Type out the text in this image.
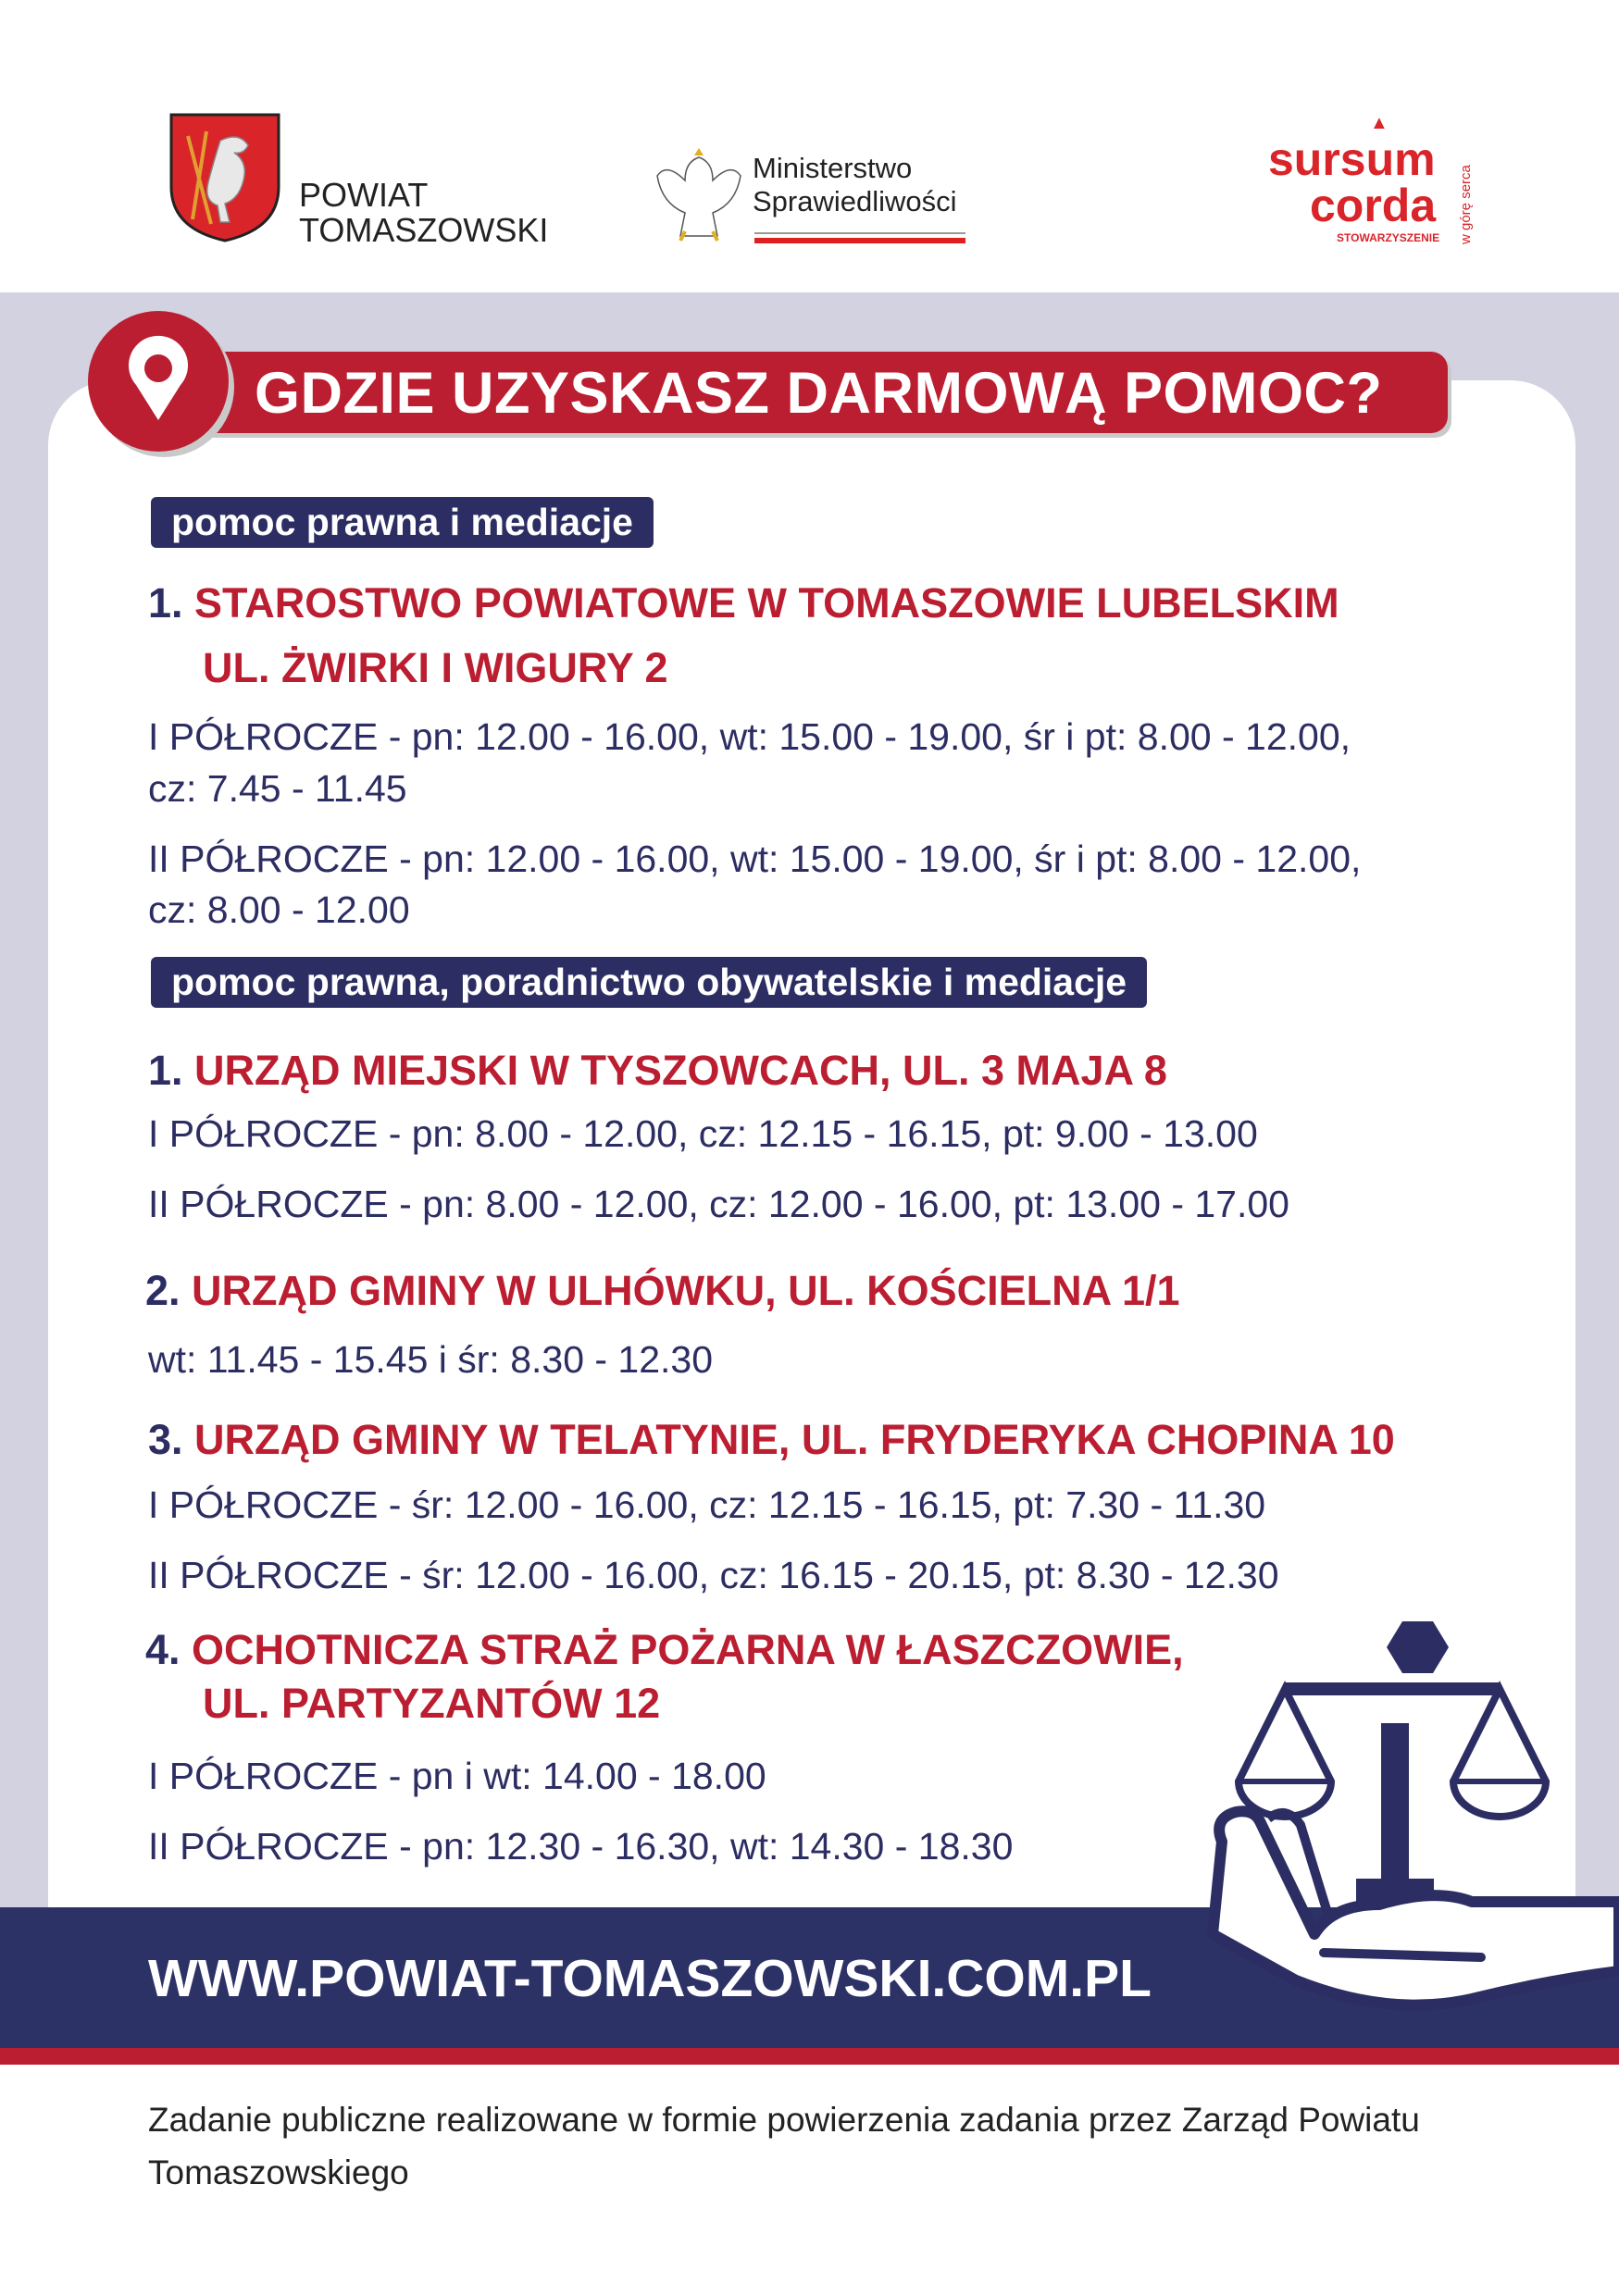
POWIAT
TOMASZOWSKI
Ministerstwo
Sprawiedliwości
▲
sursum
corda
STOWARZYSZENIE w górę serca
GDZIE UZYSKASZ DARMOWĄ POMOC?
pomoc prawna i mediacje
1. STAROSTWO POWIATOWE W TOMASZOWIE LUBELSKIM
UL. ŻWIRKI I WIGURY 2
I PÓŁROCZE - pn: 12.00 - 16.00, wt: 15.00 - 19.00, śr i pt: 8.00 - 12.00,
cz: 7.45 - 11.45
II PÓŁROCZE - pn: 12.00 - 16.00, wt: 15.00 - 19.00, śr i pt: 8.00 - 12.00,
cz: 8.00 - 12.00
pomoc prawna, poradnictwo obywatelskie i mediacje
1. URZĄD MIEJSKI W TYSZOWCACH, UL. 3 MAJA 8
I PÓŁROCZE - pn: 8.00 - 12.00, cz: 12.15 - 16.15, pt: 9.00 - 13.00
II PÓŁROCZE - pn: 8.00 - 12.00, cz: 12.00 - 16.00, pt: 13.00 - 17.00
2. URZĄD GMINY W ULHÓWKU, UL. KOŚCIELNA 1/1
wt: 11.45 - 15.45 i śr: 8.30 - 12.30
3. URZĄD GMINY W TELATYNIE, UL. FRYDERYKA CHOPINA 10
I PÓŁROCZE - śr: 12.00 - 16.00, cz: 12.15 - 16.15, pt: 7.30 - 11.30
II PÓŁROCZE - śr: 12.00 - 16.00, cz: 16.15 - 20.15, pt: 8.30 - 12.30
4. OCHOTNICZA STRAŻ POŻARNA W ŁASZCZOWIE,
UL. PARTYZANTÓW 12
I PÓŁROCZE - pn i wt: 14.00 - 18.00
II PÓŁROCZE - pn: 12.30 - 16.30, wt: 14.30 - 18.30
WWW.POWIAT-TOMASZOWSKI.COM.PL
Zadanie publiczne realizowane w formie powierzenia zadania przez Zarząd Powiatu Tomaszowskiego
